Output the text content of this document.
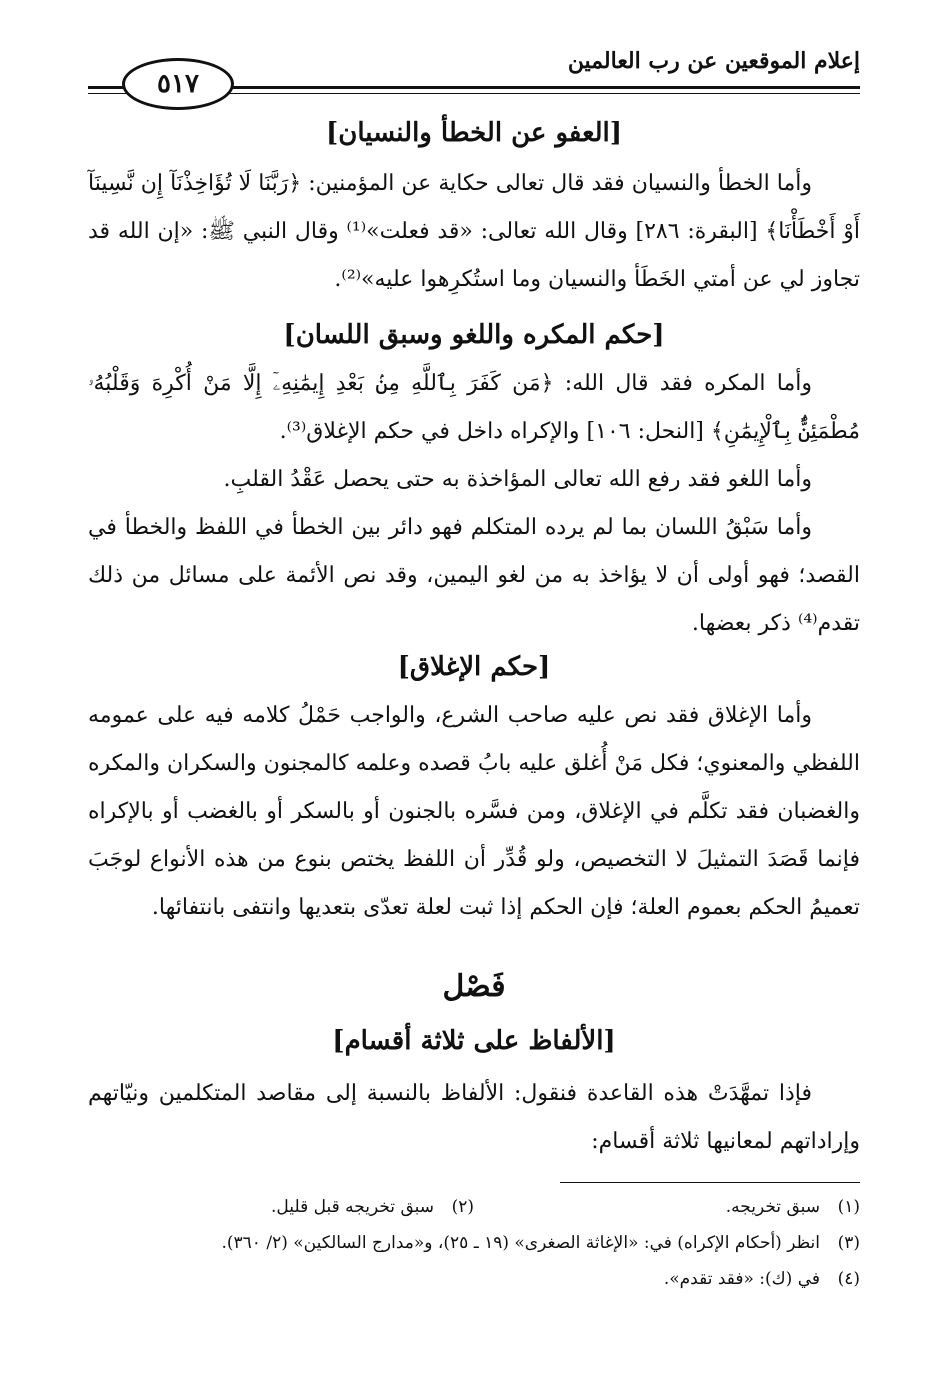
إعلام الموقعين عن رب العالمين
٥١٧
[العفو عن الخطأ والنسيان]

وأما الخطأ والنسيان فقد قال تعالى حكاية عن المؤمنين: ﴿رَبَّنَا لَا تُؤَاخِذْنَآ إِن نَّسِينَآ أَوْ أَخْطَأْنَا﴾ [البقرة: ٢٨٦] وقال الله تعالى: «قد فعلت»⁽¹⁾ وقال النبي ﷺ: «إن الله قد تجاوز لي عن أمتي الخَطَأ والنسيان وما استُكرِهوا عليه»⁽²⁾.

[حكم المكره واللغو وسبق اللسان]

وأما المكره فقد قال الله: ﴿مَن كَفَرَ بِٱللَّهِ مِنۢ بَعْدِ إِيمَٰنِهِۦٓ إِلَّا مَنْ أُكْرِهَ وَقَلْبُهُۥ مُطْمَئِنٌّۢ بِٱلْإِيمَٰنِ﴾ [النحل: ١٠٦] والإكراه داخل في حكم الإغلاق⁽³⁾.

وأما اللغو فقد رفع الله تعالى المؤاخذة به حتى يحصل عَقْدُ القلبِ.

وأما سَبْقُ اللسان بما لم يرده المتكلم فهو دائر بين الخطأ في اللفظ والخطأ في القصد؛ فهو أولى أن لا يؤاخذ به من لغو اليمين، وقد نص الأئمة على مسائل من ذلك تقدم⁽⁴⁾ ذكر بعضها.

[حكم الإغلاق]

وأما الإغلاق فقد نص عليه صاحب الشرع، والواجب حَمْلُ كلامه فيه على عمومه اللفظي والمعنوي؛ فكل مَنْ أُغلق عليه بابُ قصده وعلمه كالمجنون والسكران والمكره والغضبان فقد تكلَّم في الإغلاق، ومن فسَّره بالجنون أو بالسكر أو بالغضب أو بالإكراه فإنما قَصَدَ التمثيلَ لا التخصيص، ولو قُدِّر أن اللفظ يختص بنوع من هذه الأنواع لوجَبَ تعميمُ الحكم بعموم العلة؛ فإن الحكم إذا ثبت لعلة تعدّى بتعديها وانتفى بانتفائها.

فَصْل
[الألفاظ على ثلاثة أقسام]

فإذا تمهَّدَتْ هذه القاعدة فنقول: الألفاظ بالنسبة إلى مقاصد المتكلمين ونيّاتهم وإراداتهم لمعانيها ثلاثة أقسام:

(١)
سبق تخريجه.
(٢)
سبق تخريجه قبل قليل.
(٣)
انظر (أحكام الإكراه) في: «الإغاثة الصغرى» (١٩ ـ ٢٥)، و«مدارج السالكين» (٢/ ٣٦٠).
(٤)
في (ك): «فقد تقدم».
